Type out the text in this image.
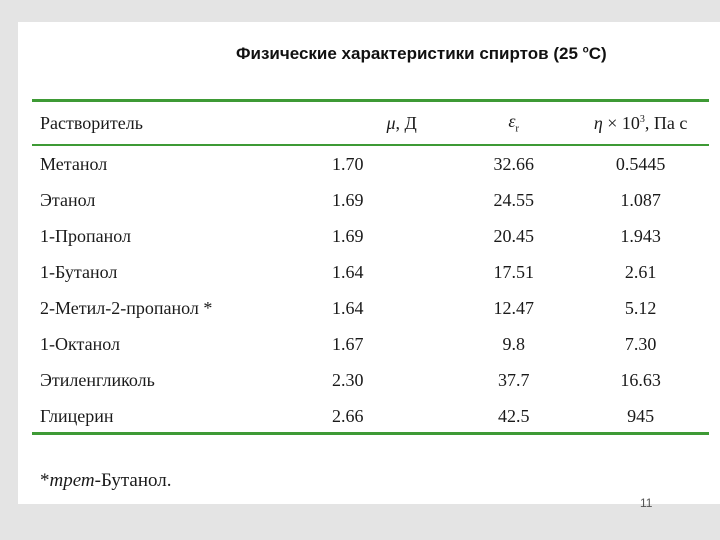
Физические характеристики спиртов (25 $^о$С)
Растворитель	μ, Д	$\varepsilon_r$	$\eta \times 10^3$, Па с
Метанол	1.70	32.66	0.5445
Этанол	1.69	24.55	1.087
1-Пропанол	1.69	20.45	1.943
1-Бутанол	1.64	17.51	2.61
2-Метил-2-пропанол *	1.64	12.47	5.12
1-Октанол	1.67	9.8	7.30
Этиленгликоль	2.30	37.7	16.63
Глицерин	2.66	42.5	945
*трет-Бутанол.
11
